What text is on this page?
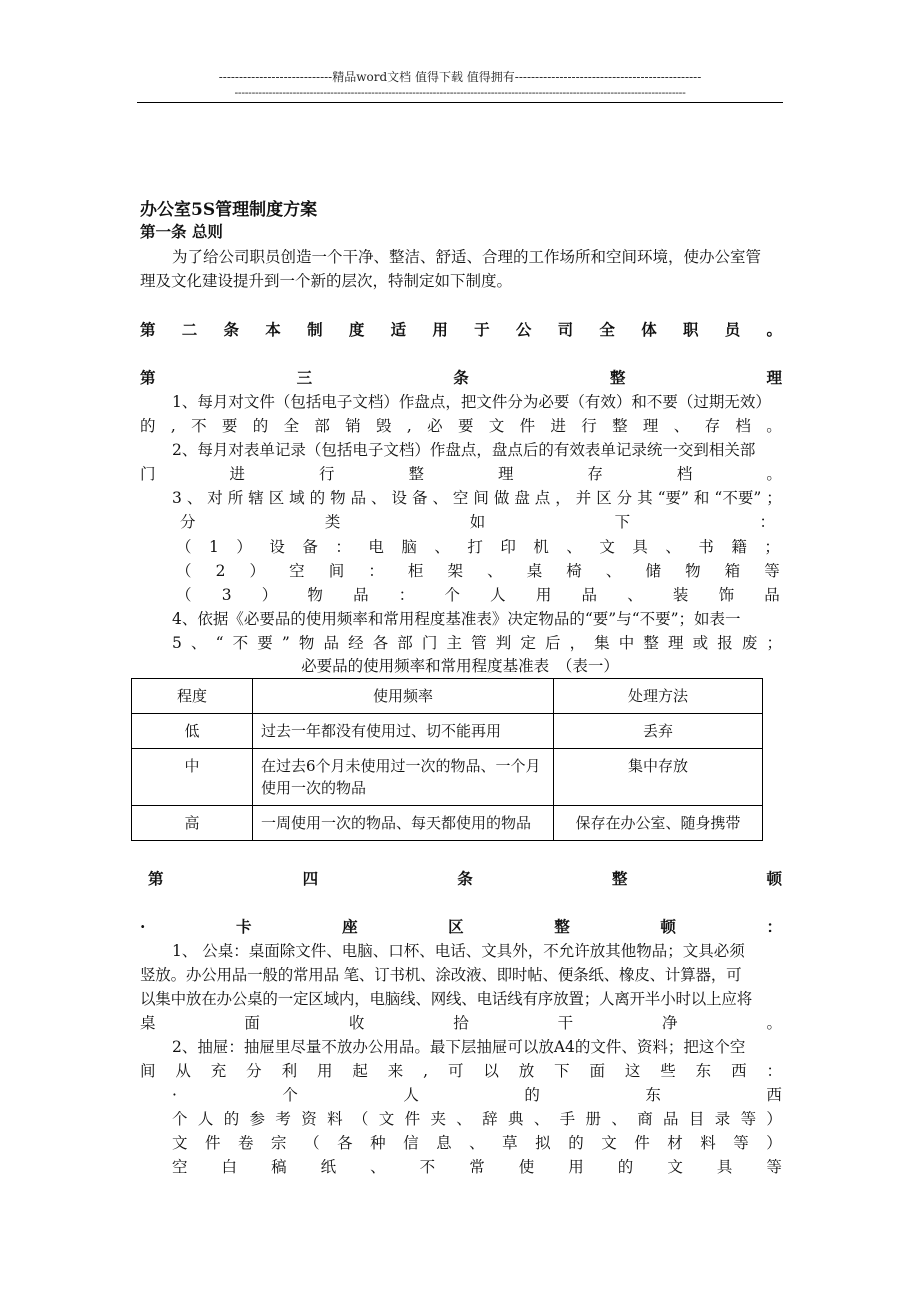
----------------------------精品word文档 值得下载 值得拥有----------------------------------------------
------------------------------------------------------------------------------------------------------------------------------------
办公室5S管理制度方案
第一条 总则
为了给公司职员创造一个干净、整洁、舒适、合理的工作场所和空间环境，使办公室管
理及文化建设提升到一个新的层次，特制定如下制度。
第 二 条 本 制 度 适 用 于 公 司 全 体 职 员 。
第	三	条	整	理
1、每月对文件（包括电子文档）作盘点，把文件分为必要（有效）和不要（过期无效）
的 , 不 要 的 全 部 销 毁 , 必 要 文 件 进 行 整 理 、 存 档 。
2、每月对表单记录（包括电子文档）作盘点，盘点后的有效表单记录统一交到相关部
门	进	行	整	理	存	档	。
3 、 对 所 辖 区 域 的 物 品 、 设 备 、 空 间 做 盘 点 ， 并 区 分 其 “要” 和 “不要” ；
分	类	如	下	：
（ 1 ） 设 备 ： 电 脑 、 打 印 机 、 文 具 、 书 籍 ；
（ 2 ） 空 间 ： 柜 架 、 桌 椅 、 储 物 箱 等
（ 3 ） 物 品 ： 个 人 用 品 、 装 饰 品
4、依据《必要品的使用频率和常用程度基准表》决定物品的“要”与“不要”；如表一
5 、 “ 不 要 ” 物 品 经 各 部 门 主 管 判 定 后 ， 集 中 整 理 或 报 废 ；
必要品的使用频率和常用程度基准表　（表一）
程度	使用频率	处理方法
低	过去一年都没有使用过、切不能再用	丢弃
中	在过去6个月未使用过一次的物品、一个月使用一次的物品	集中存放
高	一周使用一次的物品、每天都使用的物品	保存在办公室、随身携带
第	四	条	整	顿
·	卡	座	区	整	顿	：
1、 公桌：桌面除文件、电脑、口杯、电话、文具外，不允许放其他物品；文具必须
竖放。办公用品一般的常用品 笔、订书机、涂改液、即时帖、便条纸、橡皮、计算器，可
以集中放在办公桌的一定区域内，电脑线、网线、电话线有序放置；人离开半小时以上应将
桌	面	收	拾	干	净	。
2、抽屉：抽屉里尽量不放办公用品。最下层抽屉可以放A4的文件、资料；把这个空
间 从 充 分 利 用 起 来 , 可 以 放 下 面 这 些 东 西 ：
·	个	人	的	东	西
个 人 的 参 考 资 料 （ 文 件 夹 、 辞 典 、 手 册 、 商 品 目 录 等 ）
文 件 卷 宗 （ 各 种 信 息 、 草 拟 的 文 件 材 料 等 ）
空 白 稿 纸 、 不 常 使 用 的 文 具 等
